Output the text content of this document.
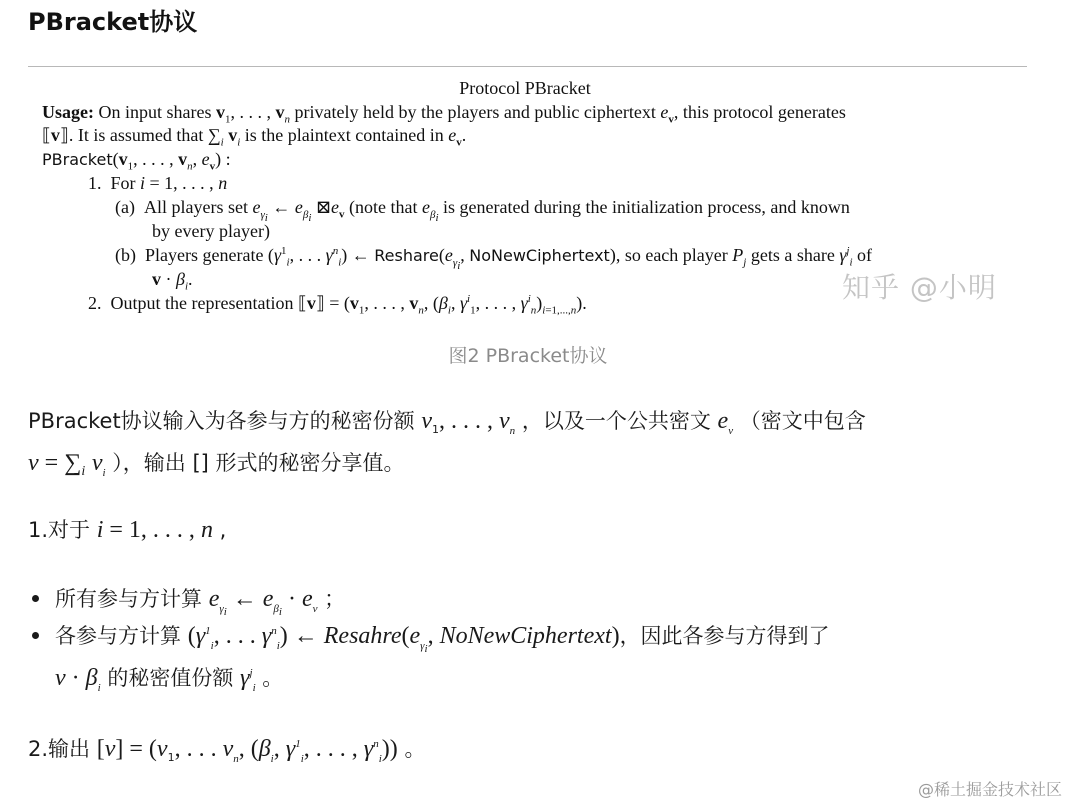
PBracket协议
Protocol PBracket
Usage: On input shares $v_1$, . . . , $v_n$ privately held by the players and public ciphertext $e_v$, this protocol generates
⟦v⟧. It is assumed that $\sum_i$ $v_i$ is the plaintext contained in $e_v$.
$PBracket(v_1$, . . . , $v_n$, $e_v$) :
1.  For i = 1, . . . , n
(a)  All players set $e_{\gamma_i}$ ← $e_{\beta_i}$ $⊠e_v$ (note that $e_{\beta_i}$ is generated during the initialization process, and known
by every player)
(b)  Players generate ($\gamma^1_i$, . . . $\gamma^n_i$) ← $Reshare(e_{\gamma_i}$, NoNewCiphertext), so each player $P_j$ gets a share $\gamma^j_i$ of
$v \cdot \beta_i$.
2.  Output the representation ⟦v⟧ = ($v_1$, . . . , $v_n$, ($\beta_i$, $\gamma^i_1$, . . . , $\gamma^i_n)_{i=1,...,n}$).	知乎 @小明
图2 PBracket协议
PBracket协议输入为各参与方的秘密份额 $v_1$, . . . , $v_n$ ，以及一个公共密文 $e_v$ （密文中包含
$v = \sum_i$ $v_i$ ），输出 [] 形式的秘密分享值。
1.对于 i = 1, . . . , n ,
所有参与方计算 $e_{\gamma_i}$ ← $e_{\beta_i} \cdot e_v$ ；
各参与方计算 ($\gamma^1_i$, . . . $\gamma^n_i$) ← $Resahre(e_{\gamma_i}$, NoNewCiphertext)，因此各参与方得到了
$v \cdot \beta_i$ 的秘密值份额 $\gamma^j_i$ 。
2.输出 $[v] = (v_1$, . . . $v_n$, ($\beta_i$, $\gamma^1_i$, . . . , $\gamma^n_i$)) 。
@稀土掘金技术社区
